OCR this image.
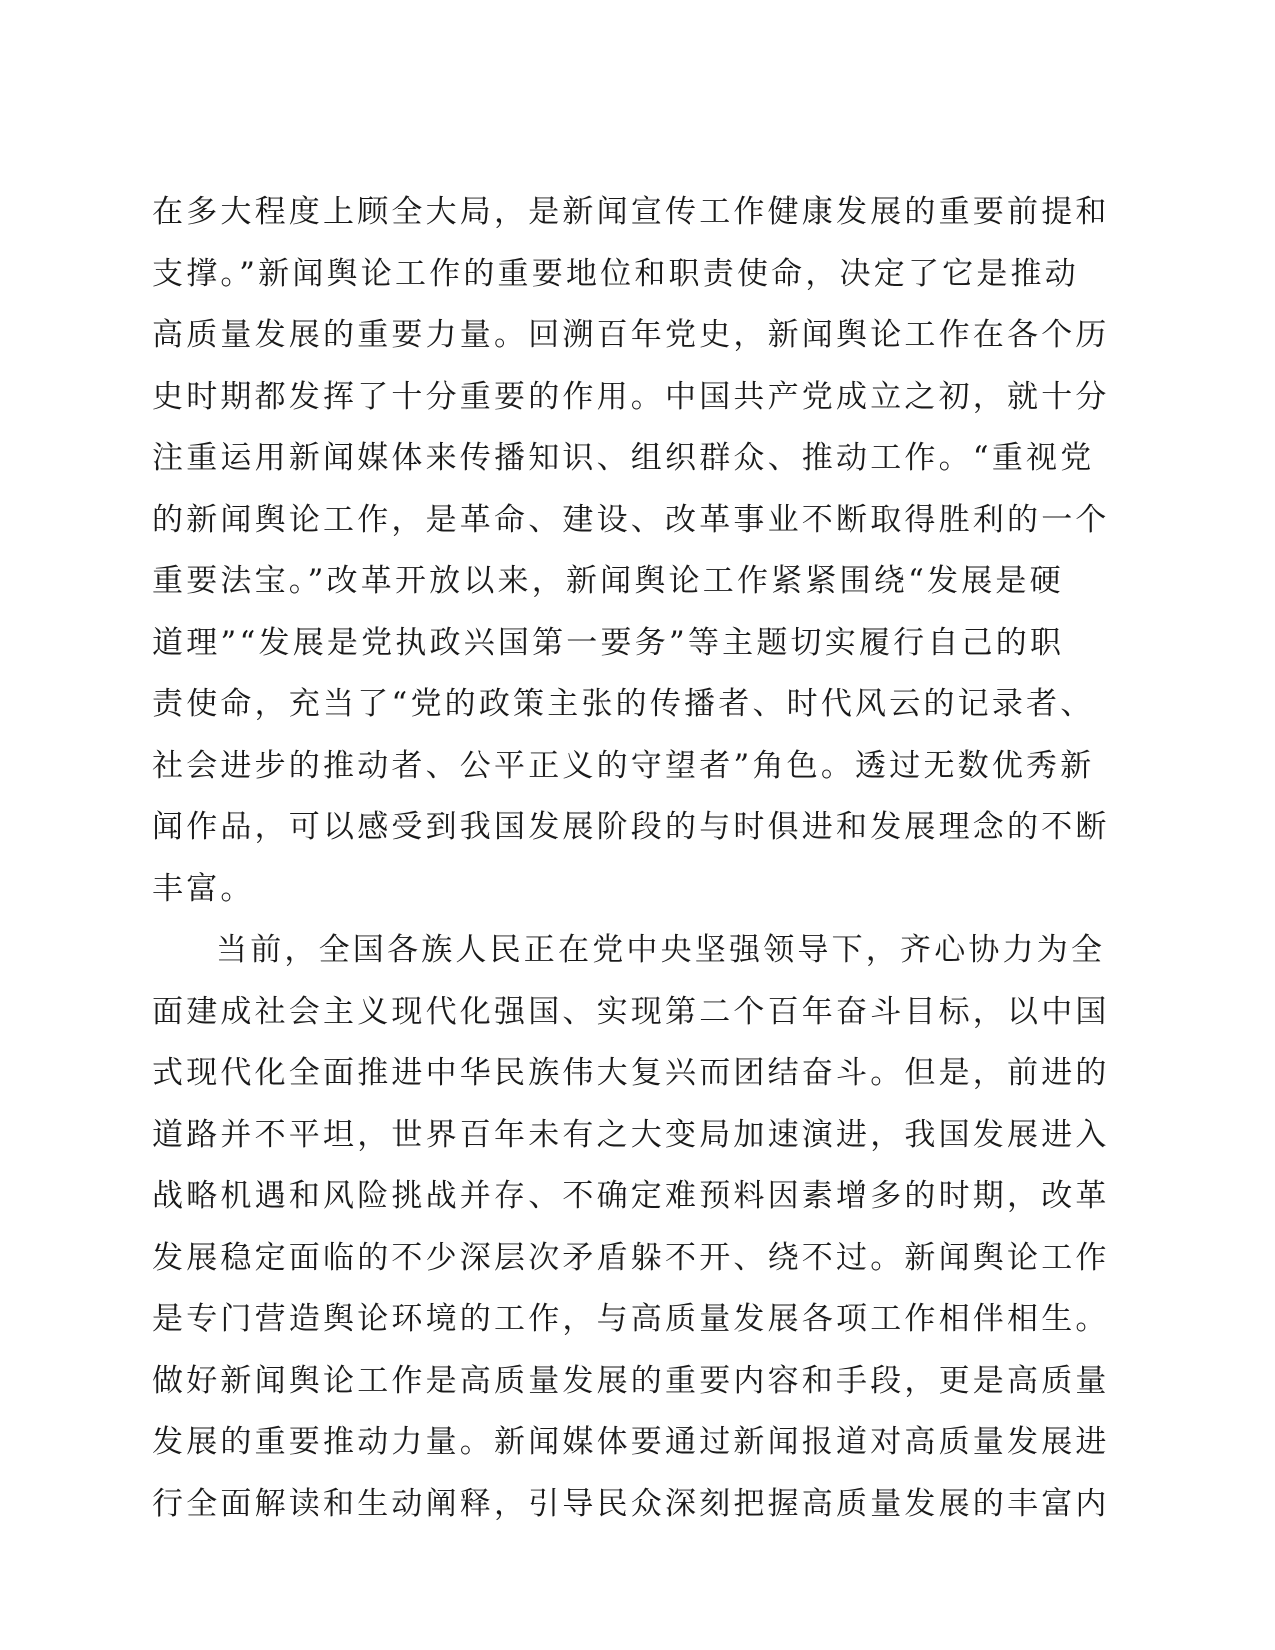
在多大程度上顾全大局，是新闻宣传工作健康发展的重要前提和
支撑。”新闻舆论工作的重要地位和职责使命，决定了它是推动
高质量发展的重要力量。回溯百年党史，新闻舆论工作在各个历
史时期都发挥了十分重要的作用。中国共产党成立之初，就十分
注重运用新闻媒体来传播知识、组织群众、推动工作。“重视党
的新闻舆论工作，是革命、建设、改革事业不断取得胜利的一个
重要法宝。”改革开放以来，新闻舆论工作紧紧围绕“发展是硬
道理”“发展是党执政兴国第一要务”等主题切实履行自己的职
责使命，充当了“党的政策主张的传播者、时代风云的记录者、
社会进步的推动者、公平正义的守望者”角色。透过无数优秀新
闻作品，可以感受到我国发展阶段的与时俱进和发展理念的不断
丰富。
当前，全国各族人民正在党中央坚强领导下，齐心协力为全
面建成社会主义现代化强国、实现第二个百年奋斗目标，以中国
式现代化全面推进中华民族伟大复兴而团结奋斗。但是，前进的
道路并不平坦，世界百年未有之大变局加速演进，我国发展进入
战略机遇和风险挑战并存、不确定难预料因素增多的时期，改革
发展稳定面临的不少深层次矛盾躲不开、绕不过。新闻舆论工作
是专门营造舆论环境的工作，与高质量发展各项工作相伴相生。
做好新闻舆论工作是高质量发展的重要内容和手段，更是高质量
发展的重要推动力量。新闻媒体要通过新闻报道对高质量发展进
行全面解读和生动阐释，引导民众深刻把握高质量发展的丰富内
